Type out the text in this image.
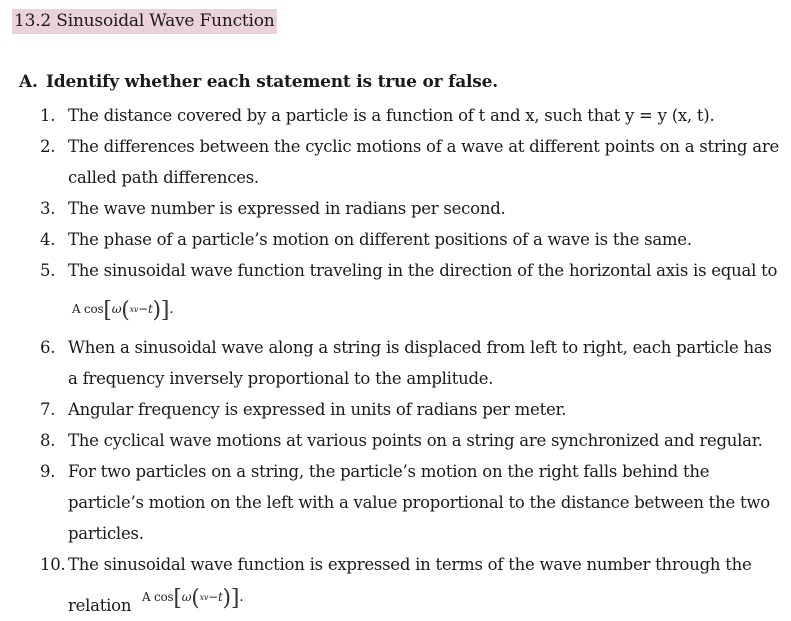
13.2 Sinusoidal Wave Function
A. Identify whether each statement is true or false.
1. The distance covered by a particle is a function of t and x, such that y = y (x, t).
2. The differences between the cyclic motions of a wave at different points on a string are called path differences.
3. The wave number is expressed in radians per second.
4. The phase of a particle’s motion on different positions of a wave is the same.
5. The sinusoidal wave function traveling in the direction of the horizontal axis is equal to
A cos[ω(xv−t)].
6. When a sinusoidal wave along a string is displaced from left to right, each particle has a frequency inversely proportional to the amplitude.
7. Angular frequency is expressed in units of radians per meter.
8. The cyclical wave motions at various points on a string are synchronized and regular.
9. For two particles on a string, the particle’s motion on the right falls behind the particle’s motion on the left with a value proportional to the distance between the two particles.
10. The sinusoidal wave function is expressed in terms of the wave number through the
relation A cos[ω(xv−t)].
